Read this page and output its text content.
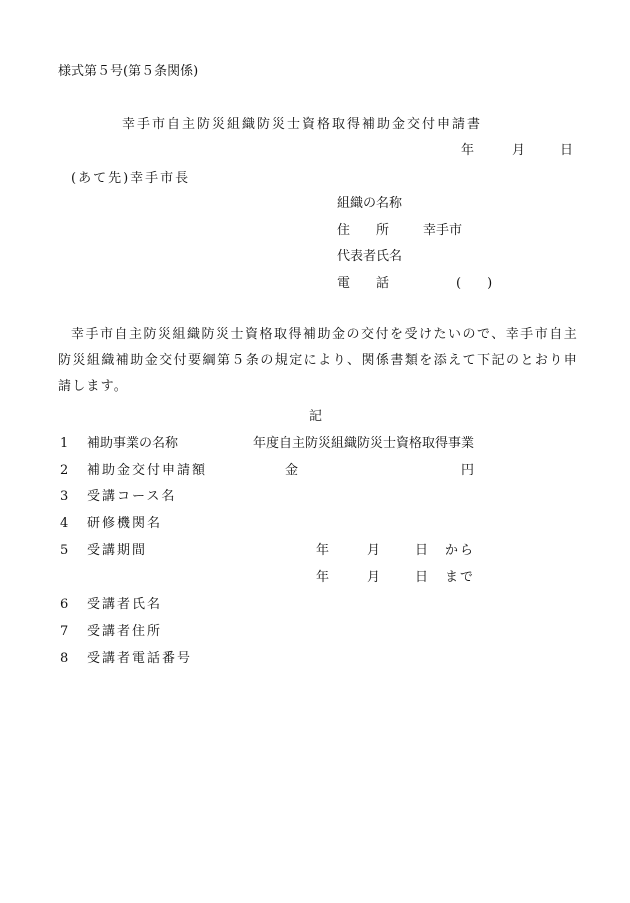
様式第５号(第５条関係)
幸手市自主防災組織防災士資格取得補助金交付申請書
年	月	日
(あて先)幸手市長
組織の名称
住　　所	幸手市
代表者氏名
電　　話	(　　)

幸手市自主防災組織防災士資格取得補助金の交付を受けたいので、幸手市自主防災組織補助金交付要綱第５条の規定により、関係書類を添えて下記のとおり申請します。

記
1 補助事業の名称	年度自主防災組織防災士資格取得事業
2 補助金交付申請額	金	円
3 受講コース名
4 研修機関名
5 受講期間	年	月	日 から
年	月	日 まで
6 受講者氏名
7 受講者住所
8 受講者電話番号
